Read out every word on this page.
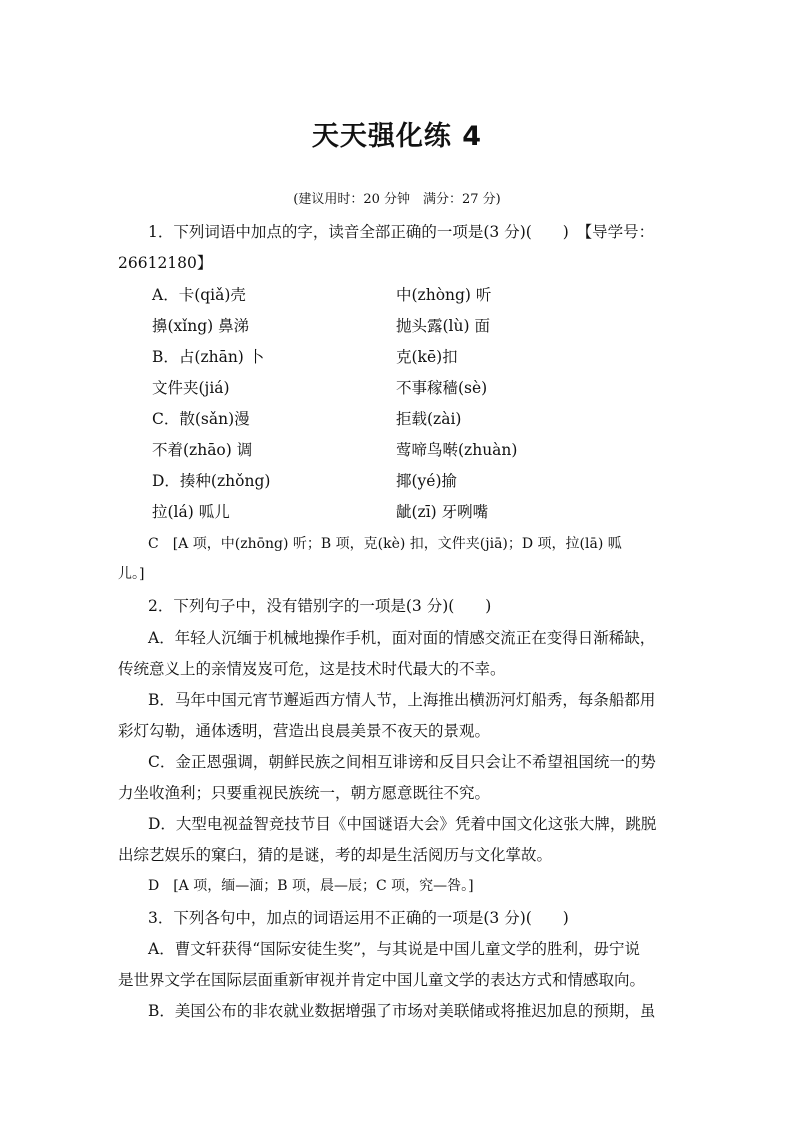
天天强化练 4
(建议用时：20 分钟　满分：27 分)
1．下列词语中加点的字，读音全部正确的一项是(3 分)(　　)　【导学号：
26612180】
A．卡(qiǎ)壳	中(zhòng) 听
擤(xǐng) 鼻涕	抛头露(lù) 面
B．占(zhān) 卜	克(kē)扣
文件夹(jiá)	不事稼穑(sè)
C．散(sǎn)漫	拒载(zài)
不着(zhāo) 调	莺啼鸟啭(zhuàn)
D．揍种(zhǒng)	揶(yé)揄
拉(lá) 呱儿	龇(zī) 牙咧嘴
C　[A 项，中(zhōng) 听；B 项，克(kè) 扣，文件夹(jiā)；D 项，拉(lā) 呱
儿。]
2．下列句子中，没有错别字的一项是(3 分)(　　)
A．年轻人沉缅于机械地操作手机，面对面的情感交流正在变得日渐稀缺，
传统意义上的亲情岌岌可危，这是技术时代最大的不幸。
B．马年中国元宵节邂逅西方情人节，上海推出横沥河灯船秀，每条船都用
彩灯勾勒，通体透明，营造出良晨美景不夜天的景观。
C．金正恩强调，朝鲜民族之间相互诽谤和反目只会让不希望祖国统一的势
力坐收渔利；只要重视民族统一，朝方愿意既往不究。
D．大型电视益智竞技节目《中国谜语大会》凭着中国文化这张大牌，跳脱
出综艺娱乐的窠臼，猜的是谜，考的却是生活阅历与文化掌故。
D　[A 项，缅—湎；B 项，晨—辰；C 项，究—咎。]
3．下列各句中，加点的词语运用不正确的一项是(3 分)(　　)
A．曹文轩获得“国际安徒生奖”，与其说是中国儿童文学的胜利，毋宁说
是世界文学在国际层面重新审视并肯定中国儿童文学的表达方式和情感取向。
B．美国公布的非农就业数据增强了市场对美联储或将推迟加息的预期，虽
